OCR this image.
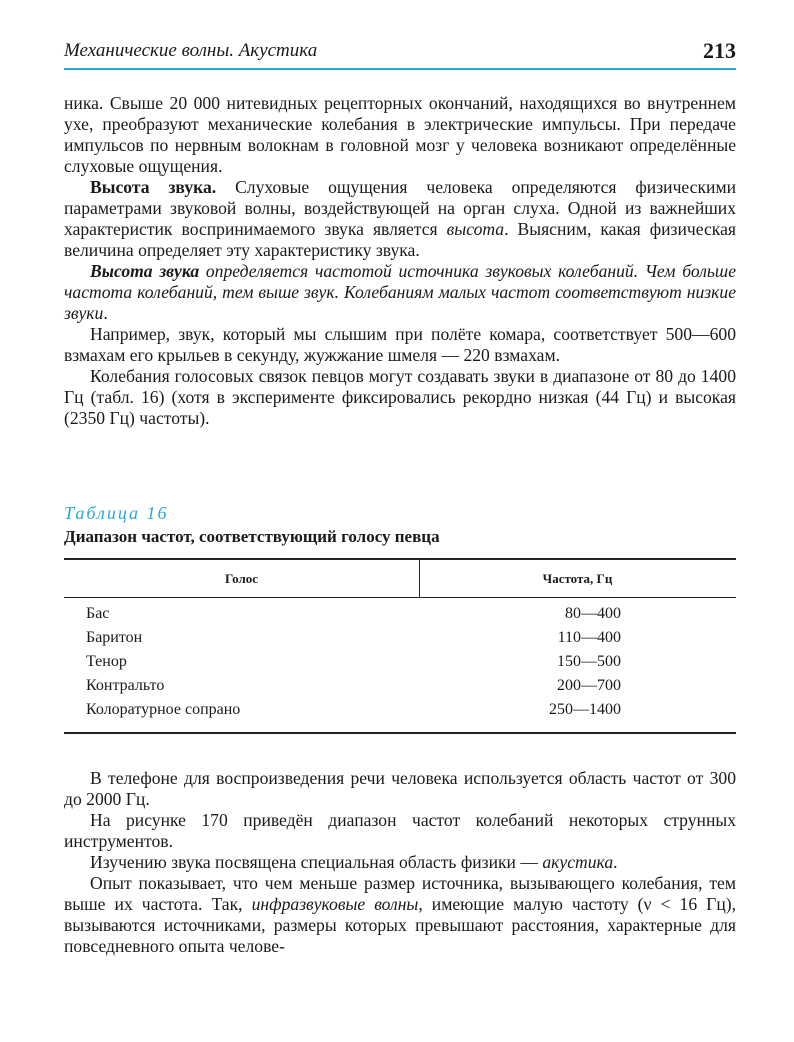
Механические волны. Акустика	213

ника. Свыше 20 000 нитевидных рецепторных окончаний, находящихся во внутреннем ухе, преобразуют механические колебания в электрические импульсы. При передаче импульсов по нервным волокнам в головной мозг у человека возникают определённые слуховые ощущения.

Высота звука. Слуховые ощущения человека определяются физическими параметрами звуковой волны, воздействующей на орган слуха. Одной из важнейших характеристик воспринимаемого звука является высота. Выясним, какая физическая величина определяет эту характеристику звука.

Высота звука определяется частотой источника звуковых колебаний. Чем больше частота колебаний, тем выше звук. Колебаниям малых частот соответствуют низкие звуки.

Например, звук, который мы слышим при полёте комара, соответствует 500—600 взмахам его крыльев в секунду, жужжание шмеля — 220 взмахам.

Колебания голосовых связок певцов могут создавать звуки в диапазоне от 80 до 1400 Гц (табл. 16) (хотя в эксперименте фиксировались рекордно низкая (44 Гц) и высокая (2350 Гц) частоты).

Таблица 16
Диапазон частот, соответствующий голосу певца
Голос	Частота, Гц
Бас	80—400
Баритон	110—400
Тенор	150—500
Контральто	200—700
Колоратурное сопрано	250—1400

В телефоне для воспроизведения речи человека используется область частот от 300 до 2000 Гц.

На рисунке 170 приведён диапазон частот колебаний некоторых струнных инструментов.

Изучению звука посвящена специальная область физики — акустика.

Опыт показывает, что чем меньше размер источника, вызывающего колебания, тем выше их частота. Так, инфразвуковые волны, имеющие малую частоту (ν < 16 Гц), вызываются источниками, размеры которых превышают расстояния, характерные для повседневного опыта челове-
